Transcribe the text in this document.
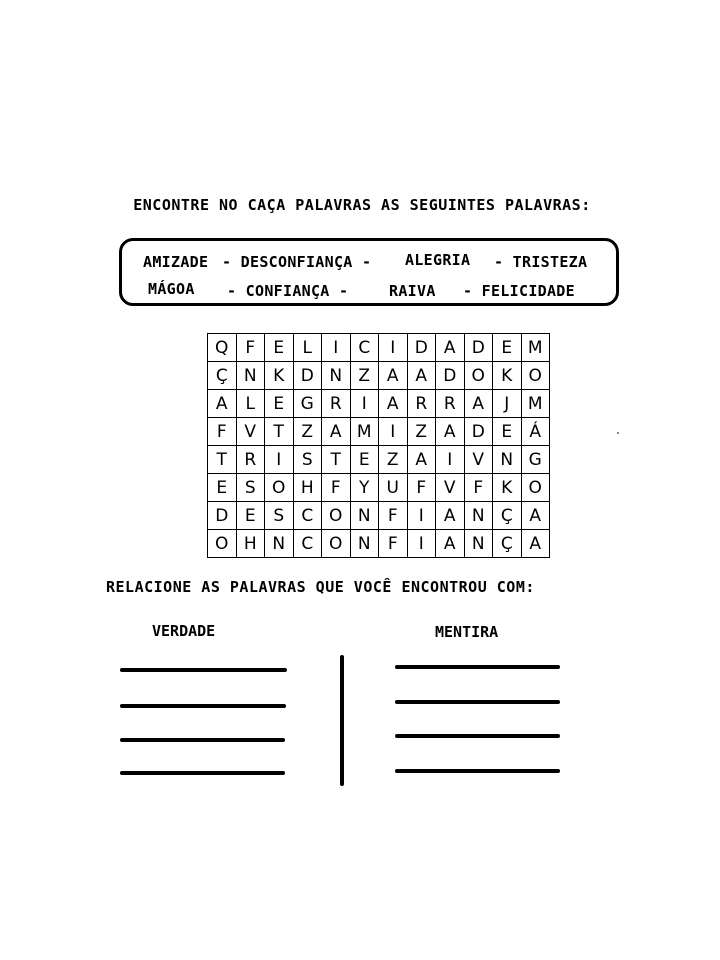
ENCONTRE NO CAÇA PALAVRAS AS SEGUINTES PALAVRAS:
AMIZADE - DESCONFIANÇA - ALEGRIA - TRISTEZA
MÁGOA - CONFIANÇA -	RAIVA - FELICIDADE
Q	F	E	L	I	C	I	D	A	D	E	M
Ç	N	K	D	N	Z	A	A	D	O	K	O
A	L	E	G	R	I	A	R	R	A	J	M
F	V	T	Z	A	M	I	Z	A	D	E	Á
T	R	I	S	T	E	Z	A	I	V	N	G
E	S	O	H	F	Y	U	F	V	F	K	O
D	E	S	C	O	N	F	I	A	N	Ç	A
O	H	N	C	O	N	F	I	A	N	Ç	A
RELACIONE AS PALAVRAS QUE VOCÊ ENCONTROU COM:
VERDADE	MENTIRA
